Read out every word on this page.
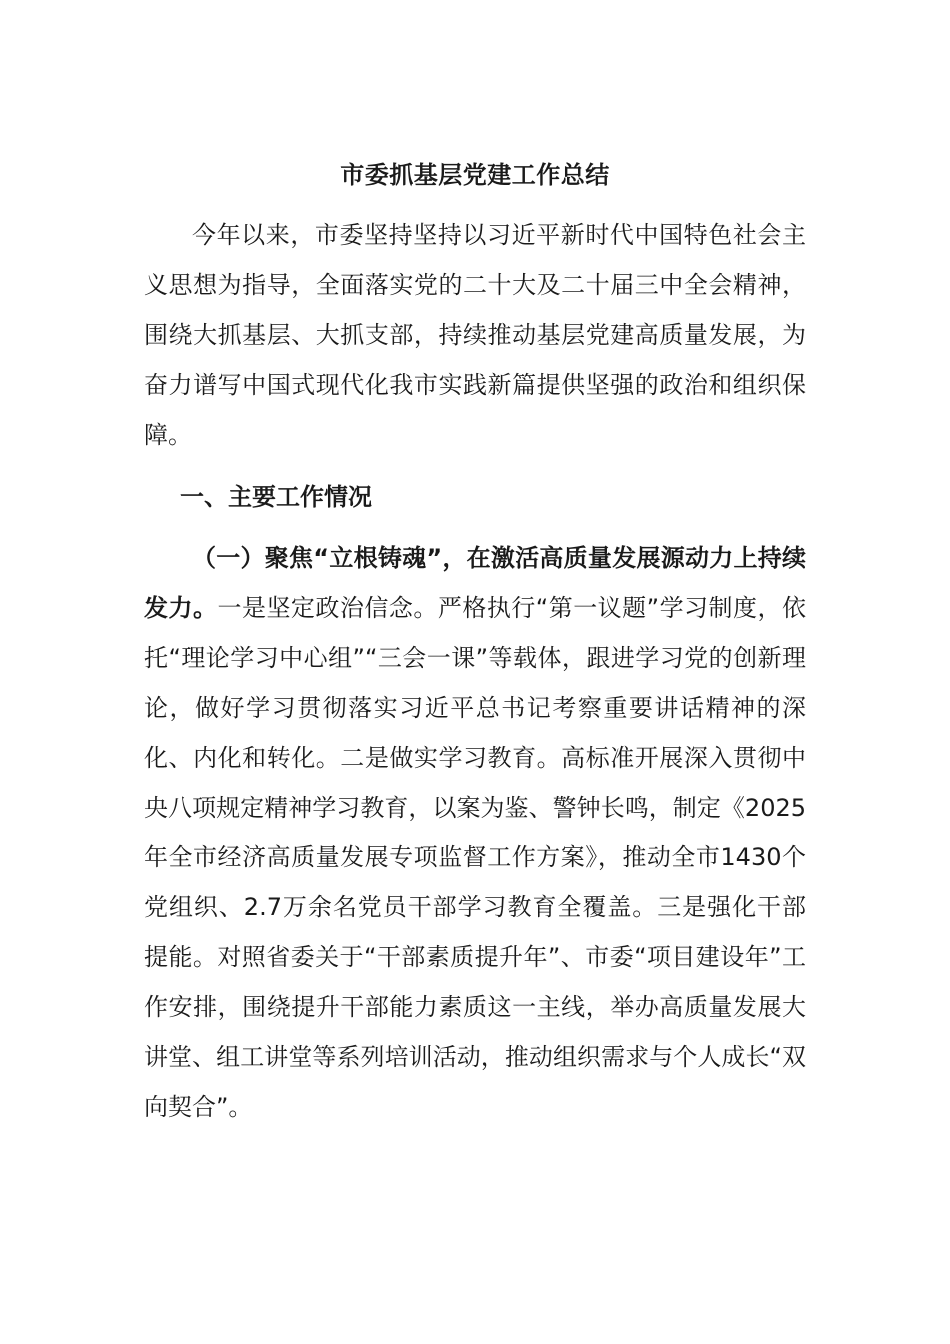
市委抓基层党建工作总结

今年以来，市委坚持坚持以习近平新时代中国特色社会主义思想为指导，全面落实党的二十大及二十届三中全会精神，围绕大抓基层、大抓支部，持续推动基层党建高质量发展，为奋力谱写中国式现代化我市实践新篇提供坚强的政治和组织保障。

一、主要工作情况

（一）聚焦“立根铸魂”，在激活高质量发展源动力上持续发力。一是坚定政治信念。严格执行“第一议题”学习制度，依托“理论学习中心组”“三会一课”等载体，跟进学习党的创新理论，做好学习贯彻落实习近平总书记考察重要讲话精神的深化、内化和转化。二是做实学习教育。高标准开展深入贯彻中央八项规定精神学习教育，以案为鉴、警钟长鸣，制定《2025年全市经济高质量发展专项监督工作方案》，推动全市1430个党组织、2.7万余名党员干部学习教育全覆盖。三是强化干部提能。对照省委关于“干部素质提升年”、市委“项目建设年”工作安排，围绕提升干部能力素质这一主线，举办高质量发展大讲堂、组工讲堂等系列培训活动，推动组织需求与个人成长“双向契合”。
